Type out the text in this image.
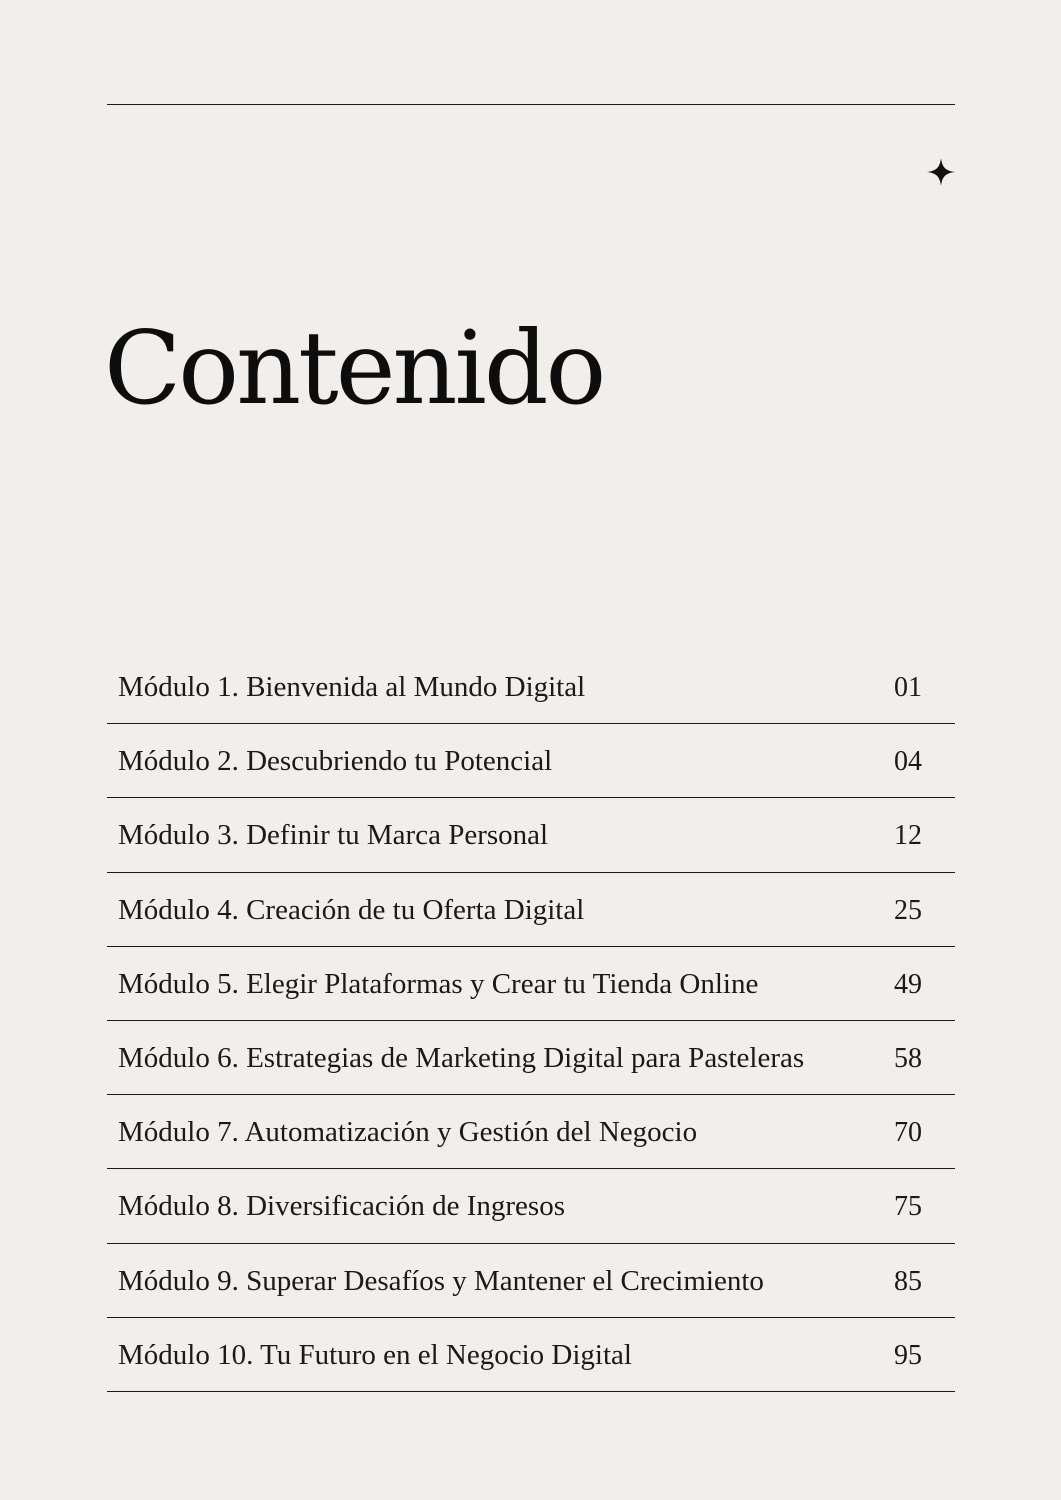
Contenido
Módulo 1. Bienvenida al Mundo Digital	01
Módulo 2. Descubriendo tu Potencial	04
Módulo 3. Definir tu Marca Personal	12
Módulo 4. Creación de tu Oferta Digital	25
Módulo 5. Elegir Plataformas y Crear tu Tienda Online	49
Módulo 6. Estrategias de Marketing Digital para Pasteleras	58
Módulo 7. Automatización y Gestión del Negocio	70
Módulo 8. Diversificación de Ingresos	75
Módulo 9. Superar Desafíos y Mantener el Crecimiento	85
Módulo 10. Tu Futuro en el Negocio Digital	95
